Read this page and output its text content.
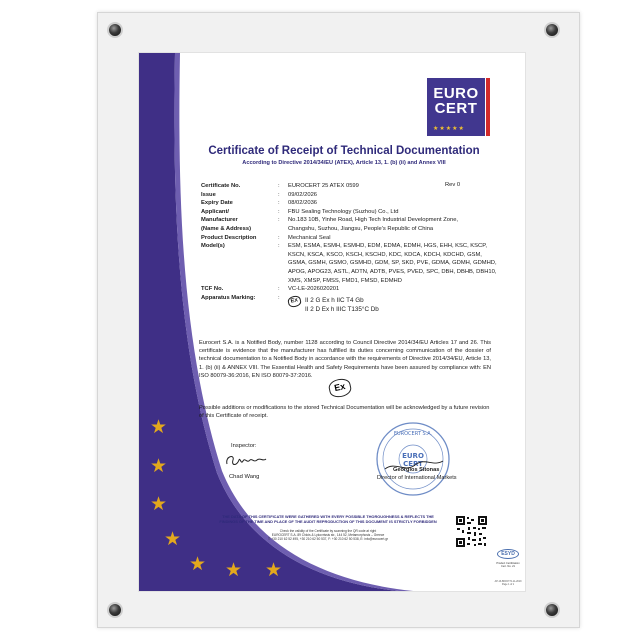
★
★
★
★
★ ★ ★
EURO
CERT
★★★★★
Certificate of Receipt of Technical Documentation
According to Directive 2014/34/EU (ATEX), Article 13, 1. (b) (ii) and Annex VIII
Rev 0
Certificate No.	:	EUROCERT 25 ATEX 0599
Issue	:	09/02/2026
Expiry Date	:	08/02/2036
Applicant/	:	FBU Sealing Technology (Suzhou) Co., Ltd
Manufacturer	:	No.183 10B, Yinhe Road, High Tech Industrial Development Zone,
(Name & Address)	Changshu, Suzhou, Jiangsu, People's Republic of China
Product Description	:	Mechanical Seal
Model(s)	:	ESM, ESMA, ESMH, ESMHD, EDM, EDMA, EDMH, HGS, EHH, KSC, KSCP, KSCN, KSCA, KSCO, KSCH, KSCHD, KDC, KDCA, KDCH, KDCHD, GSM, GSMA, GSMH, GSMO, GSMHD, GDM, SP, SKD, PVE, GDMA, GDMH, GDMHD, APOG, APOG23, ASTL, ADTN, ADTB, PVES, PVED, SPC, DBH, DBHB, DBH10, XMS, XMSP, FMSS, FMD1, FMSD, EDMHD
TCF No.	:	VC-LE-2026020201
Apparatus Marking:	:	Ex	II 2 G Ex h IIC T4 Gb
II 2 D Ex h IIIC T135°C Db
Eurocert S.A. is a Notified Body, number 1128 according to Council Directive 2014/34/EU Articles 17 and 26. This certificate is evidence that the manufacturer has fulfilled its duties concerning communication of the dossier of technical documentation to a Notified Body in accordance with the requirements of Directive 2014/34/EU, Article 13, 1. (b) (ii) & ANNEX VIII. The Essential Health and Safety Requirements have been assured by compliance with: EN ISO 80079-36:2016, EN ISO 80079-37:2016.
Ex
Possible additions or modifications to the stored Technical Documentation will be acknowledged by a future revision of this Certificate of receipt.
Inspector:
Chad Wang
EUROCERT S.A.
EURO
CERT
Georgios Sitonas
Director of International Markets
THE DATA OF THIS CERTIFICATE WERE GATHERED WITH EVERY POSSIBLE THOROUGHNESS & REFLECTS THE
FINDINGS OF THE TIME AND PLACE OF THE AUDIT REPRODUCTION OF THIS DOCUMENT IS STRICTLY FORBIDDEN
Check the validity of the Certificate by scanning the QR code at right
EUROCERT S.A. 89 Chlois & Lykovrissis str., 144 52, Metamorphosis – Greece
T: +30 210 62 52 495, +30 210 62 50 537, F: +30 210 62 50 538, E: info@eurocert.gr
ESYD
Product Certification
Cert. No. 21
AP-13-BKF0772-11-2019
Page 1 of 1
